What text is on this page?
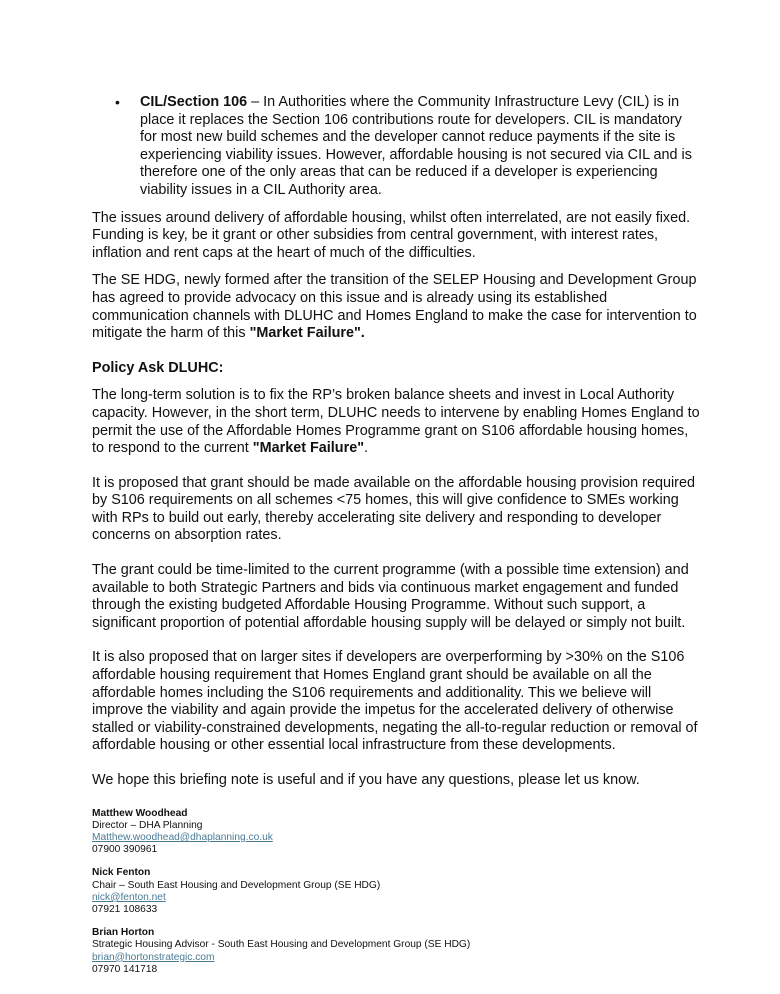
• CIL/Section 106 – In Authorities where the Community Infrastructure Levy (CIL) is in place it replaces the Section 106 contributions route for developers. CIL is mandatory for most new build schemes and the developer cannot reduce payments if the site is experiencing viability issues. However, affordable housing is not secured via CIL and is therefore one of the only areas that can be reduced if a developer is experiencing viability issues in a CIL Authority area.

The issues around delivery of affordable housing, whilst often interrelated, are not easily fixed. Funding is key, be it grant or other subsidies from central government, with interest rates, inflation and rent caps at the heart of much of the difficulties.

The SE HDG, newly formed after the transition of the SELEP Housing and Development Group has agreed to provide advocacy on this issue and is already using its established communication channels with DLUHC and Homes England to make the case for intervention to mitigate the harm of this "Market Failure".

Policy Ask DLUHC:

The long-term solution is to fix the RP’s broken balance sheets and invest in Local Authority capacity. However, in the short term, DLUHC needs to intervene by enabling Homes England to permit the use of the Affordable Homes Programme grant on S106 affordable housing homes, to respond to the current "Market Failure".

It is proposed that grant should be made available on the affordable housing provision required by S106 requirements on all schemes <75 homes, this will give confidence to SMEs working with RPs to build out early, thereby accelerating site delivery and responding to developer concerns on absorption rates.

The grant could be time-limited to the current programme (with a possible time extension) and available to both Strategic Partners and bids via continuous market engagement and funded through the existing budgeted Affordable Housing Programme. Without such support, a significant proportion of potential affordable housing supply will be delayed or simply not built.

It is also proposed that on larger sites if developers are overperforming by >30% on the S106 affordable housing requirement that Homes England grant should be available on all the affordable homes including the S106 requirements and additionality. This we believe will improve the viability and again provide the impetus for the accelerated delivery of otherwise stalled or viability-constrained developments, negating the all-to-regular reduction or removal of affordable housing or other essential local infrastructure from these developments.

We hope this briefing note is useful and if you have any questions, please let us know.

Matthew Woodhead

Director – DHA Planning

Matthew.woodhead@dhaplanning.co.uk

07900 390961

Nick Fenton

Chair – South East Housing and Development Group (SE HDG)

nick@fenton.net

07921 108633

Brian Horton

Strategic Housing Advisor - South East Housing and Development Group (SE HDG)

brian@hortonstrategic.com

07970 141718
